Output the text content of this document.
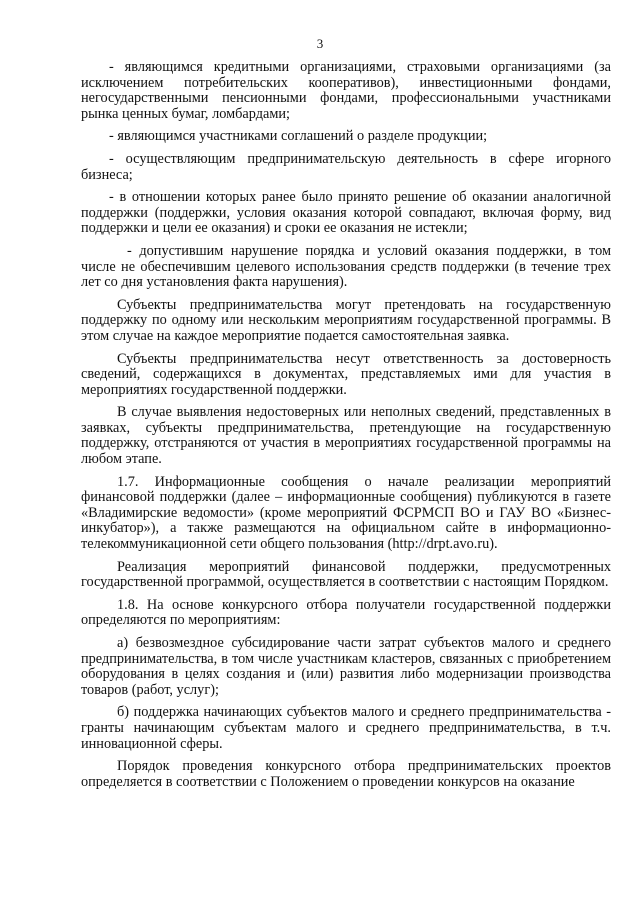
3

- являющимся кредитными организациями, страховыми организациями (за исключением потребительских кооперативов), инвестиционными фондами, негосударственными пенсионными фондами, профессиональными участниками рынка ценных бумаг, ломбардами;

- являющимся участниками соглашений о разделе продукции;

- осуществляющим предпринимательскую деятельность в сфере игорного бизнеса;

- в отношении которых ранее было принято решение об оказании аналогичной поддержки (поддержки, условия оказания которой совпадают, включая форму, вид поддержки и цели ее оказания) и сроки ее оказания не истекли;

- допустившим нарушение порядка и условий оказания поддержки, в том числе не обеспечившим целевого использования средств поддержки (в течение трех лет со дня установления факта нарушения).

Субъекты предпринимательства могут претендовать на государственную поддержку по одному или нескольким мероприятиям государственной программы. В этом случае на каждое мероприятие подается самостоятельная заявка.

Субъекты предпринимательства несут ответственность за достоверность сведений, содержащихся в документах, представляемых ими для участия в мероприятиях государственной поддержки.

В случае выявления недостоверных или неполных сведений, представленных в заявках, субъекты предпринимательства, претендующие на государственную поддержку, отстраняются от участия в мероприятиях государственной программы на любом этапе.

1.7. Информационные сообщения о начале реализации мероприятий финансовой поддержки (далее – информационные сообщения) публикуются в газете «Владимирские ведомости» (кроме мероприятий ФСРМСП ВО и ГАУ ВО «Бизнес-инкубатор»), а также размещаются на официальном сайте в информационно-телекоммуникационной сети общего пользования (http://drpt.avo.ru).

Реализация мероприятий финансовой поддержки, предусмотренных государственной программой, осуществляется в соответствии с настоящим Порядком.

1.8. На основе конкурсного отбора получатели государственной поддержки определяются по мероприятиям:

а) безвозмездное субсидирование части затрат субъектов малого и среднего предпринимательства, в том числе участникам кластеров, связанных с приобретением оборудования в целях создания и (или) развития либо модернизации производства товаров (работ, услуг);

б) поддержка начинающих субъектов малого и среднего предпринимательства - гранты начинающим субъектам малого и среднего предпринимательства, в т.ч. инновационной сферы.

Порядок проведения конкурсного отбора предпринимательских проектов определяется в соответствии с Положением о проведении конкурсов на оказание
